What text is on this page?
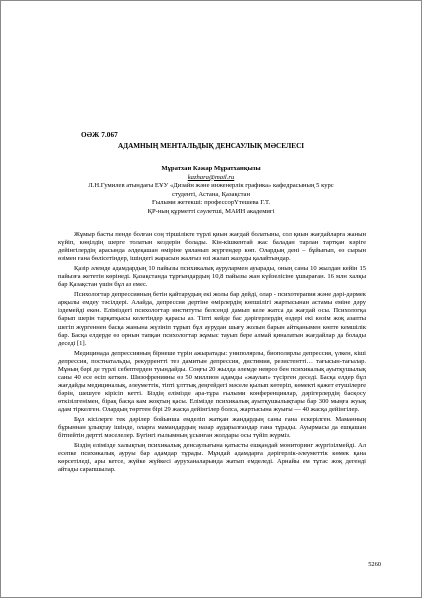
ОӘЖ 7.067
АДАМНЫҢ МЕНТАЛЬДЫҚ ДЕНСАУЛЫҚ МӘСЕЛЕСІ
Мұратхан Кәжар Мұратханқызы
kazhara@mail.ru
Л.Н.Гумилев атындағы ЕҰУ «Дизайн және инженерлік графика» кафедрасының 5 курс
студенті, Астана, Қазақстан
Ғылыми жетекші: профессорҮтешева Г.Т.
ҚР-ның құрметті сәулетші, МАИН академигі

Жұмыр басты пенде болған соң тіршілікте түрлі қиын жағдай болатыны, сол қиын жағдайларға жанын күйіп, көңілдің шерге толатын кездерін болады. Кін-кішкентай жас баладан тарлан тартқан кәріге дейінгілердің арасында әлдеқашан өміріне ұяланып жүргендер көп. Олардың дені – бұйығып, өз сырын өзімен ғана бөлісетіндер, ішіндегі жарасын жалғыз өзі жалап жазуды қалайтындар.

Қазір әлемде адамдардың 10 пайызы психикалық аурулармен ауырады, оның саны 10 жылдан кейін 15 пайызға жететін көрінеді. Қазақстанда тұрғындардың 10,8 пайызы жан күйзелісіне ұшыраған. 16 млн халқы бар Қазақстан үшін бұл аз емес.

Психологтар депрессияның бетін қайтарудың екі жолы бар дейді, олар - психотерапия және дәрі-дәрмек арқылы емдеу тәсілдері. Алайда, депрессия дертіне өмірлердің көпшілігі жартысынан астамы еміне дәру іздемейді екен. Еліміздегі психологтар институты белсенді дамып келе жатса да жағдай осы. Психологқа барып шерін тарқатқысы келетіндер қарасы аз. Тіпті кейде бас дәрігерлердің өздері екі көзім жоқ азапты шегіп жүргеннен басқа жанына жүзініп тұрып бұл аурудан шығу жолын барын айтқанымен көпте кемшілік бар. Басқа елдерде өз орнын тапқан психологтар жұмыс тауып бере алмай қиналатын жағдайлар да болады деседі [1].

Медицинада депрессияның бірнеше түрін ажыратады: униполярлы, биополярлы депрессия, үлкен, кіші депрессия, постнатальды, рекуррентті тез дамитын депрессия, дистимия, резистентті… тағысын-тағылар. Мұның бәрі де түрлі себептерден туындайды. Соңғы 20 жылда әлемде невроз бен психикалық ауытқушылық саны 40 есе өсіп кеткен. Шизофренияны өз 50 миллион адамды «жаулап» түсірген деседі. Басқа елдер бұл жағдайды медициналық, әлеуметтік, тіпті ұлттық деңгейдегі мәселе қылып көтеріп, көмекті қажет етушілерге бәрін, шешуге кірісіп кетті. Біздің елімізде ара-тұра ғылыми конференциялар, дәрігерлердің басқосу өткізілгенімен, бірақ басқа кам жоқтың қасы. Елімізде психикалық ауытқушылықтары бар 300 мыңға жуық адам тіркелген. Олардың төрттен бірі 29 жасқа дейінгілер болса, жартысына жуығы — 40 жасқа дейінгілер.

Бұл кісілерге тек дәрілер бойынша емделіп жатқан жандардың саны ғана ескерілген. Маманның бұрыннан ұлықтау ішінде, оларға мамандардың назар аударылғандар ғана тұрады. Ауырмасы да ешқашан бітпейтін дертті мәселелер. Бүгінгі ғылымның ұсынған жолдары осы түйіп жүрміз.

Біздің елімізде халықтың психикалық денсаулығына қатысты ешқандай мониторинг жүргізілмейді. Ал есепке психикалық ауруы бар адамдар тұрады. Мұндай адамдарға дәрігерлік-әлеуметтік көмек қана көрсетіледі, ары кетсе, жүйке жүйкесі ауруханаларында жатып емделеді. Арнайы ем тұтас жоқ дегенді айтады сарапшылар.

5260
